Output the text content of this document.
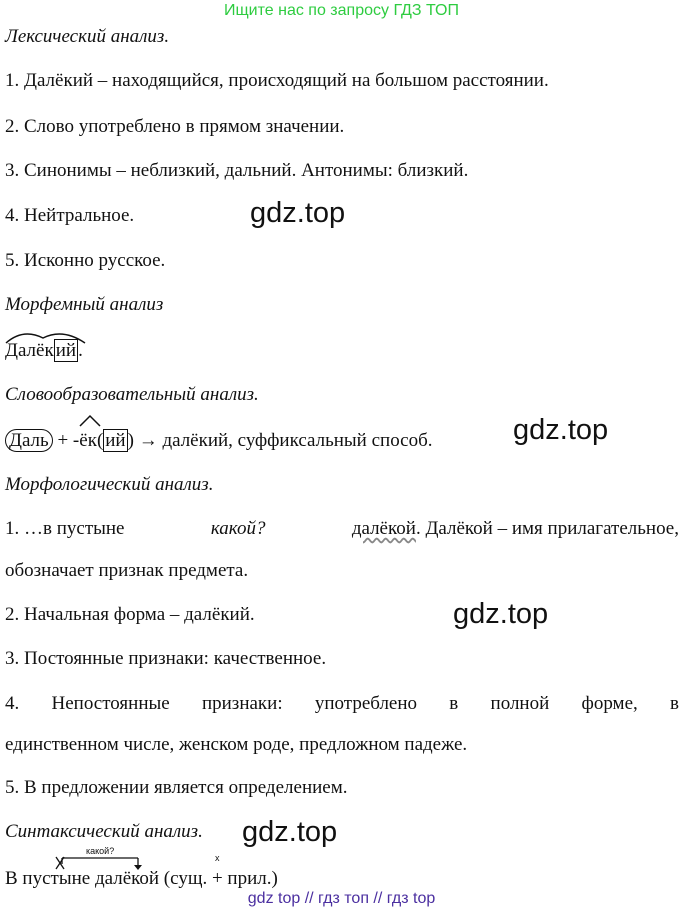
Ищите нас по запросу ГДЗ ТОП
Лексический анализ.
1. Далёкий – находящийся, происходящий на большом расстоянии.
2. Слово употреблено в прямом значении.
3. Синонимы – неблизкий, дальний. Антонимы: близкий.
4. Нейтральное.	gdz.top
5. Исконно русское.
Морфемный анализ
Далёк ий .
Словообразовательный анализ.
Даль + -ёк( ий ) → далёкий, суффиксальный способ.	gdz.top
Морфологический анализ.
1. …в пустыне	какой?	далёкой. Далёкой – имя прилагательное,
обозначает признак предмета.
2. Начальная форма – далёкий.	gdz.top
3. Постоянные признаки: качественное.
4. Непостоянные признаки: употреблено в полной форме, в
единственном числе, женском роде, предложном падеже.
5. В предложении является определением.
Синтаксический анализ. gdz.top
какой?
x
В пустыне далёкой (сущ. + прил.)
gdz top // гдз топ // гдз top
